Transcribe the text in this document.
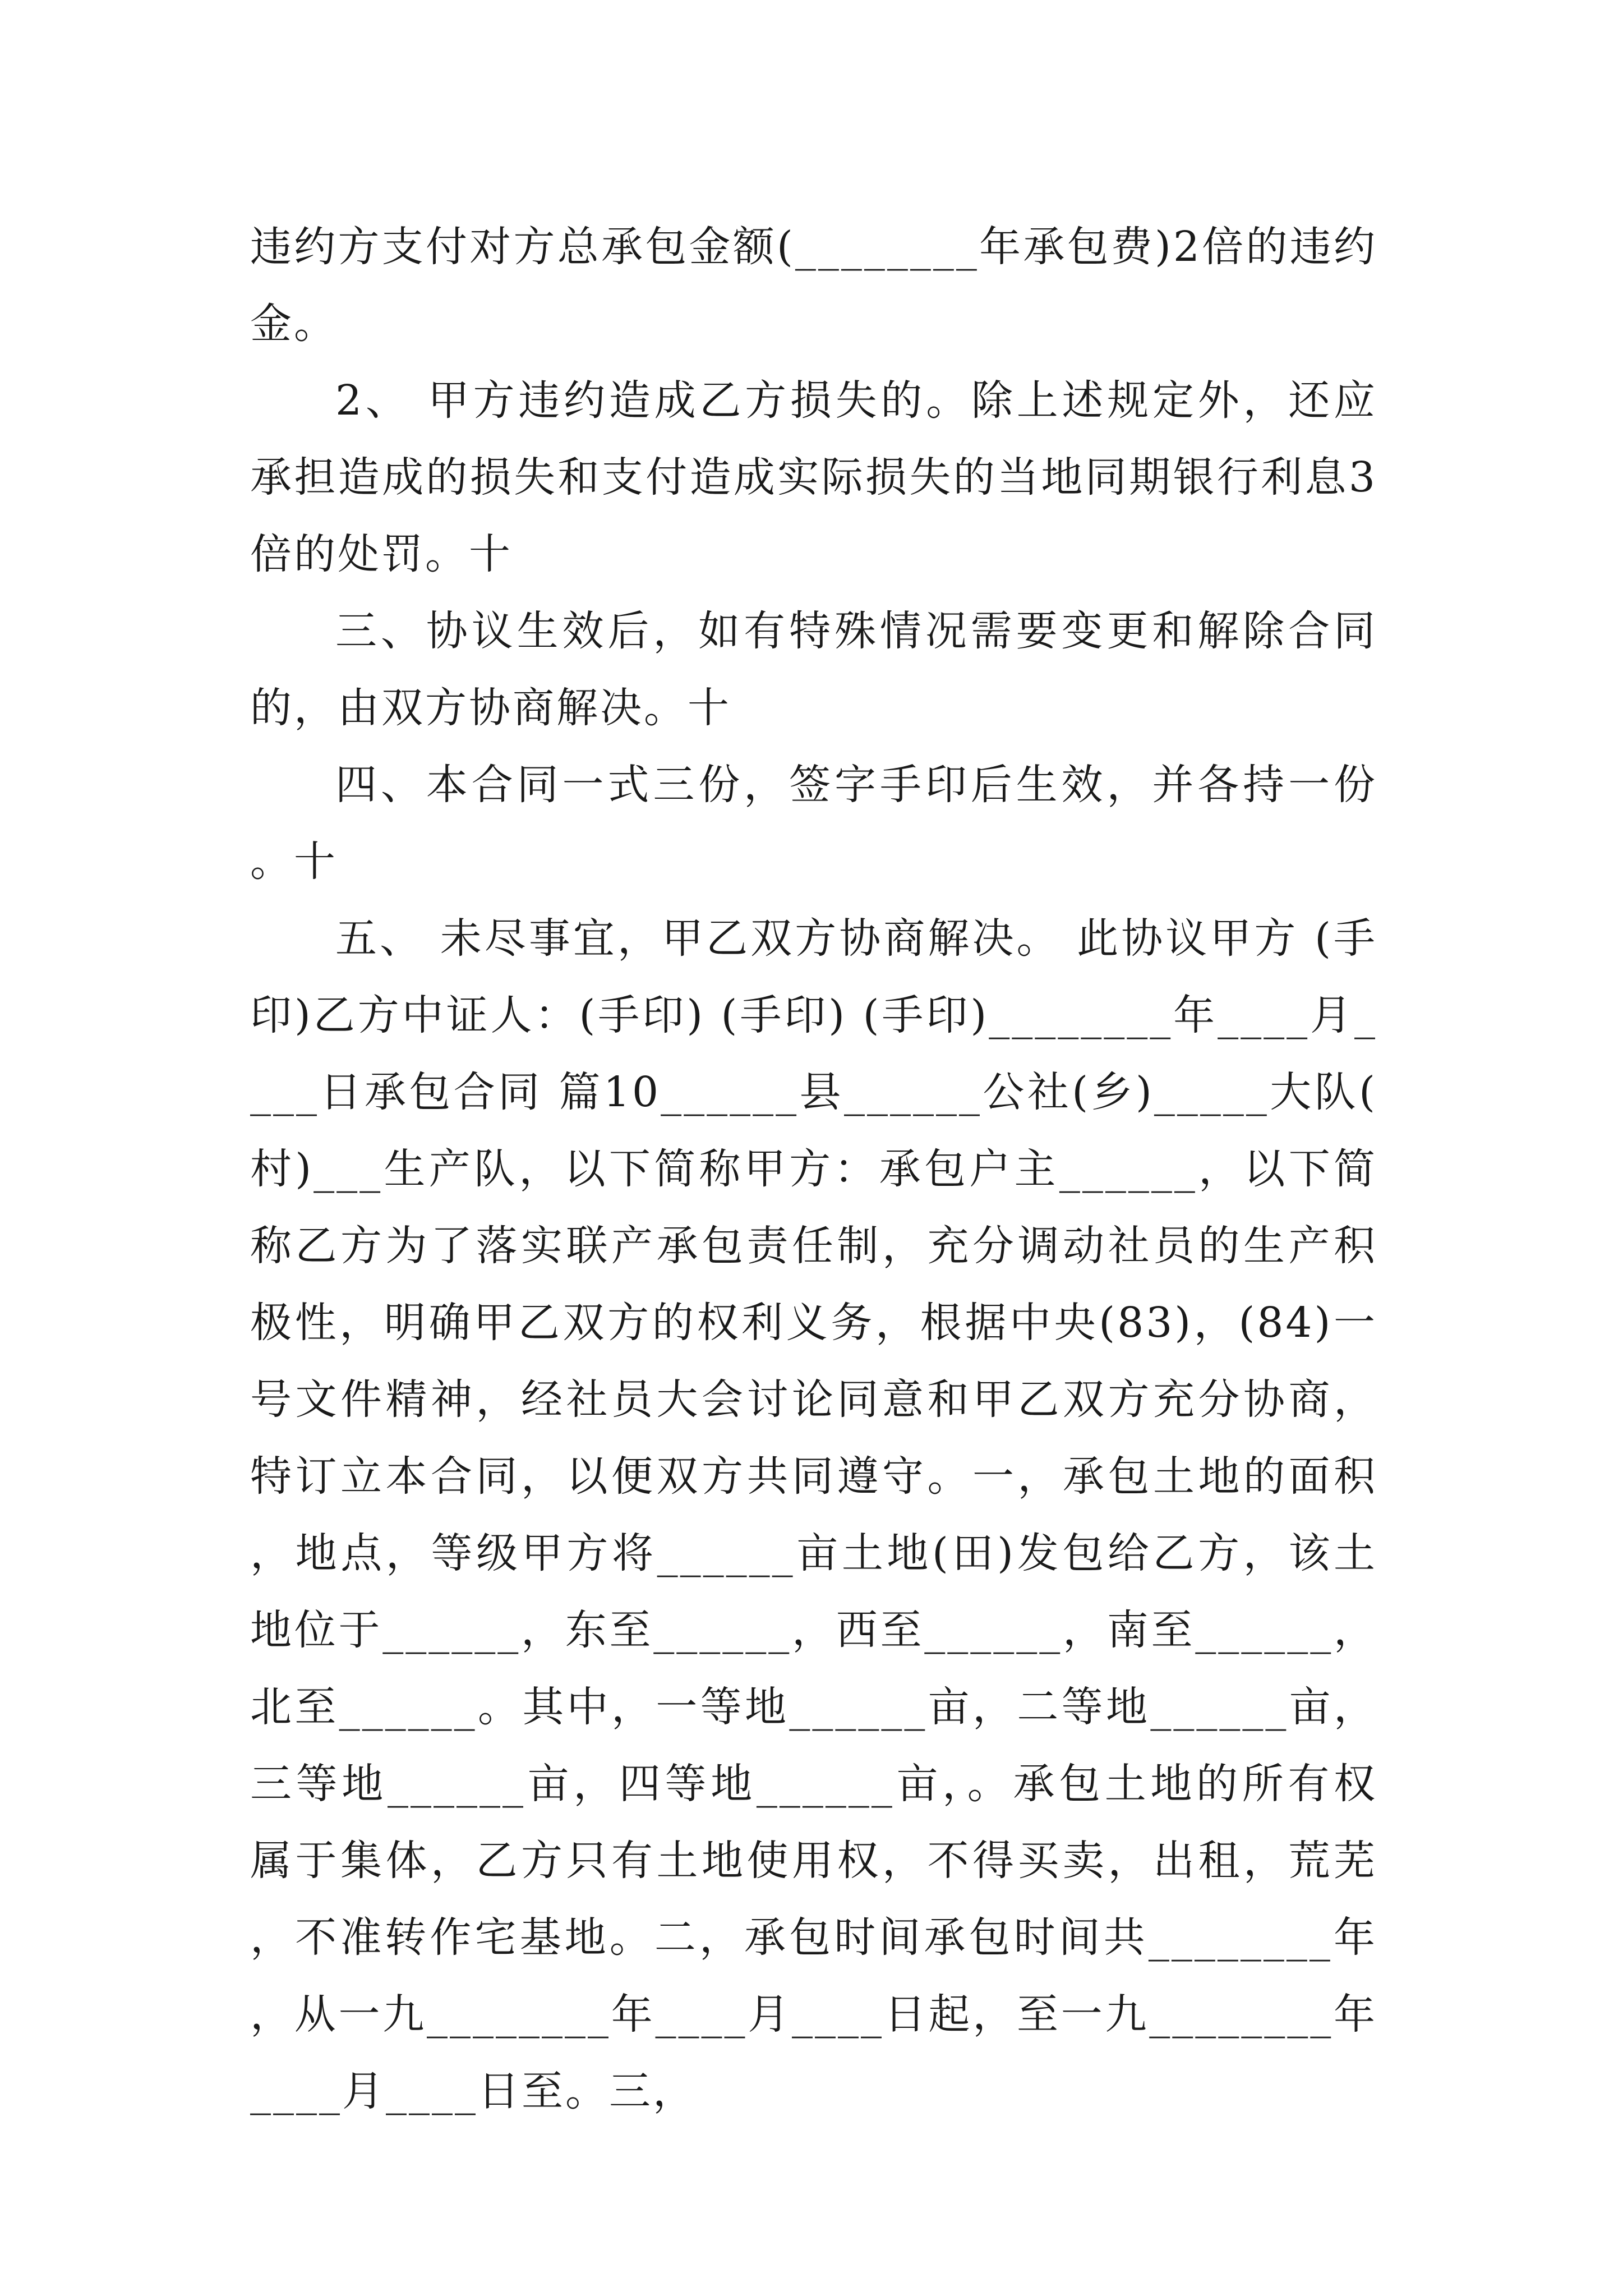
违约方支付对方总承包金额(________年承包费)2倍的违约金。

2、 甲方违约造成乙方损失的。除上述规定外，还应承担造成的损失和支付造成实际损失的当地同期银行利息3倍的处罚。十

三、协议生效后，如有特殊情况需要变更和解除合同的，由双方协商解决。十

四、本合同一式三份，签字手印后生效，并各持一份。十

五、 未尽事宜，甲乙双方协商解决。 此协议甲方 (手印)乙方中证人：(手印) (手印) (手印)________年____月____日承包合同 篇10______县______公社(乡)_____大队(村)___生产队，以下简称甲方：承包户主______，以下简称乙方为了落实联产承包责任制，充分调动社员的生产积极性，明确甲乙双方的权利义务，根据中央(83)，(84)一号文件精神，经社员大会讨论同意和甲乙双方充分协商，特订立本合同，以便双方共同遵守。一，承包土地的面积，地点，等级甲方将______亩土地(田)发包给乙方，该土地位于______，东至______，西至______，南至______，北至______。其中，一等地______亩，二等地______亩，三等地______亩，四等地______亩，。承包土地的所有权属于集体，乙方只有土地使用权，不得买卖，出租，荒芜，不准转作宅基地。二，承包时间承包时间共________年，从一九________年____月____日起，至一九________年____月____日至。三，
